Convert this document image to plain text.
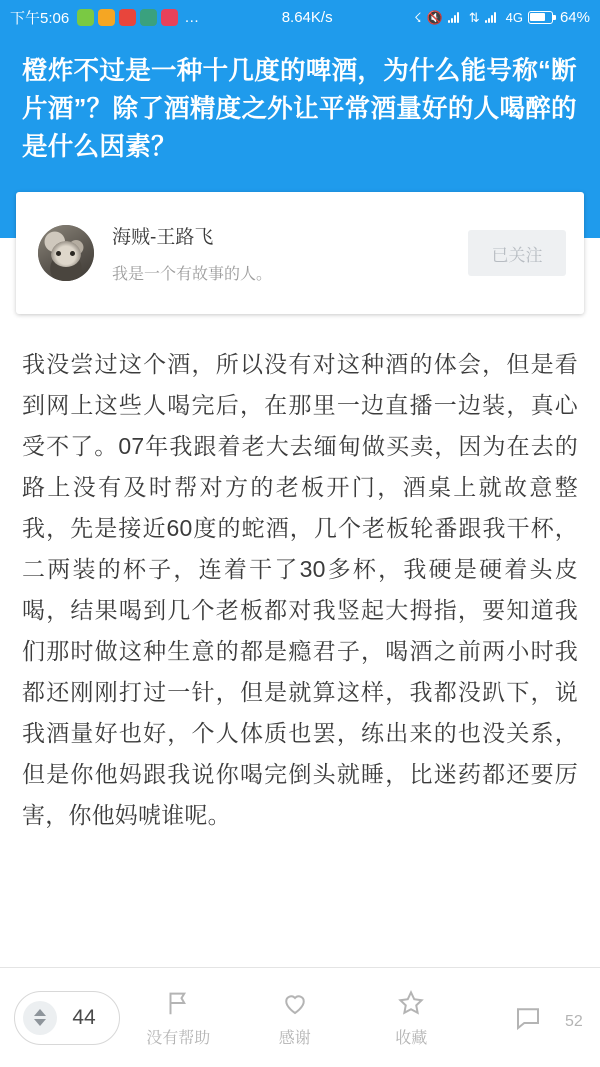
下午5:06	…	8.64K/s	☇ 🔇 ⇅ 4G 64%
橙炸不过是一种十几度的啤酒，为什么能号称“断片酒”？除了酒精度之外让平常酒量好的人喝醉的是什么因素？
海贼-王路飞
我是一个有故事的人。
已关注

我没尝过这个酒，所以没有对这种酒的体会，但是看到网上这些人喝完后，在那里一边直播一边装，真心受不了。07年我跟着老大去缅甸做买卖，因为在去的路上没有及时帮对方的老板开门，酒桌上就故意整我，先是接近60度的蛇酒，几个老板轮番跟我干杯，二两装的杯子，连着干了30多杯，我硬是硬着头皮喝，结果喝到几个老板都对我竖起大拇指，要知道我们那时做这种生意的都是瘾君子，喝酒之前两小时我都还刚刚打过一针，但是就算这样，我都没趴下，说我酒量好也好，个人体质也罢，练出来的也没关系，但是你他妈跟我说你喝完倒头就睡，比迷药都还要厉害，你他妈唬谁呢。

44
没有帮助	感谢	收藏
52
